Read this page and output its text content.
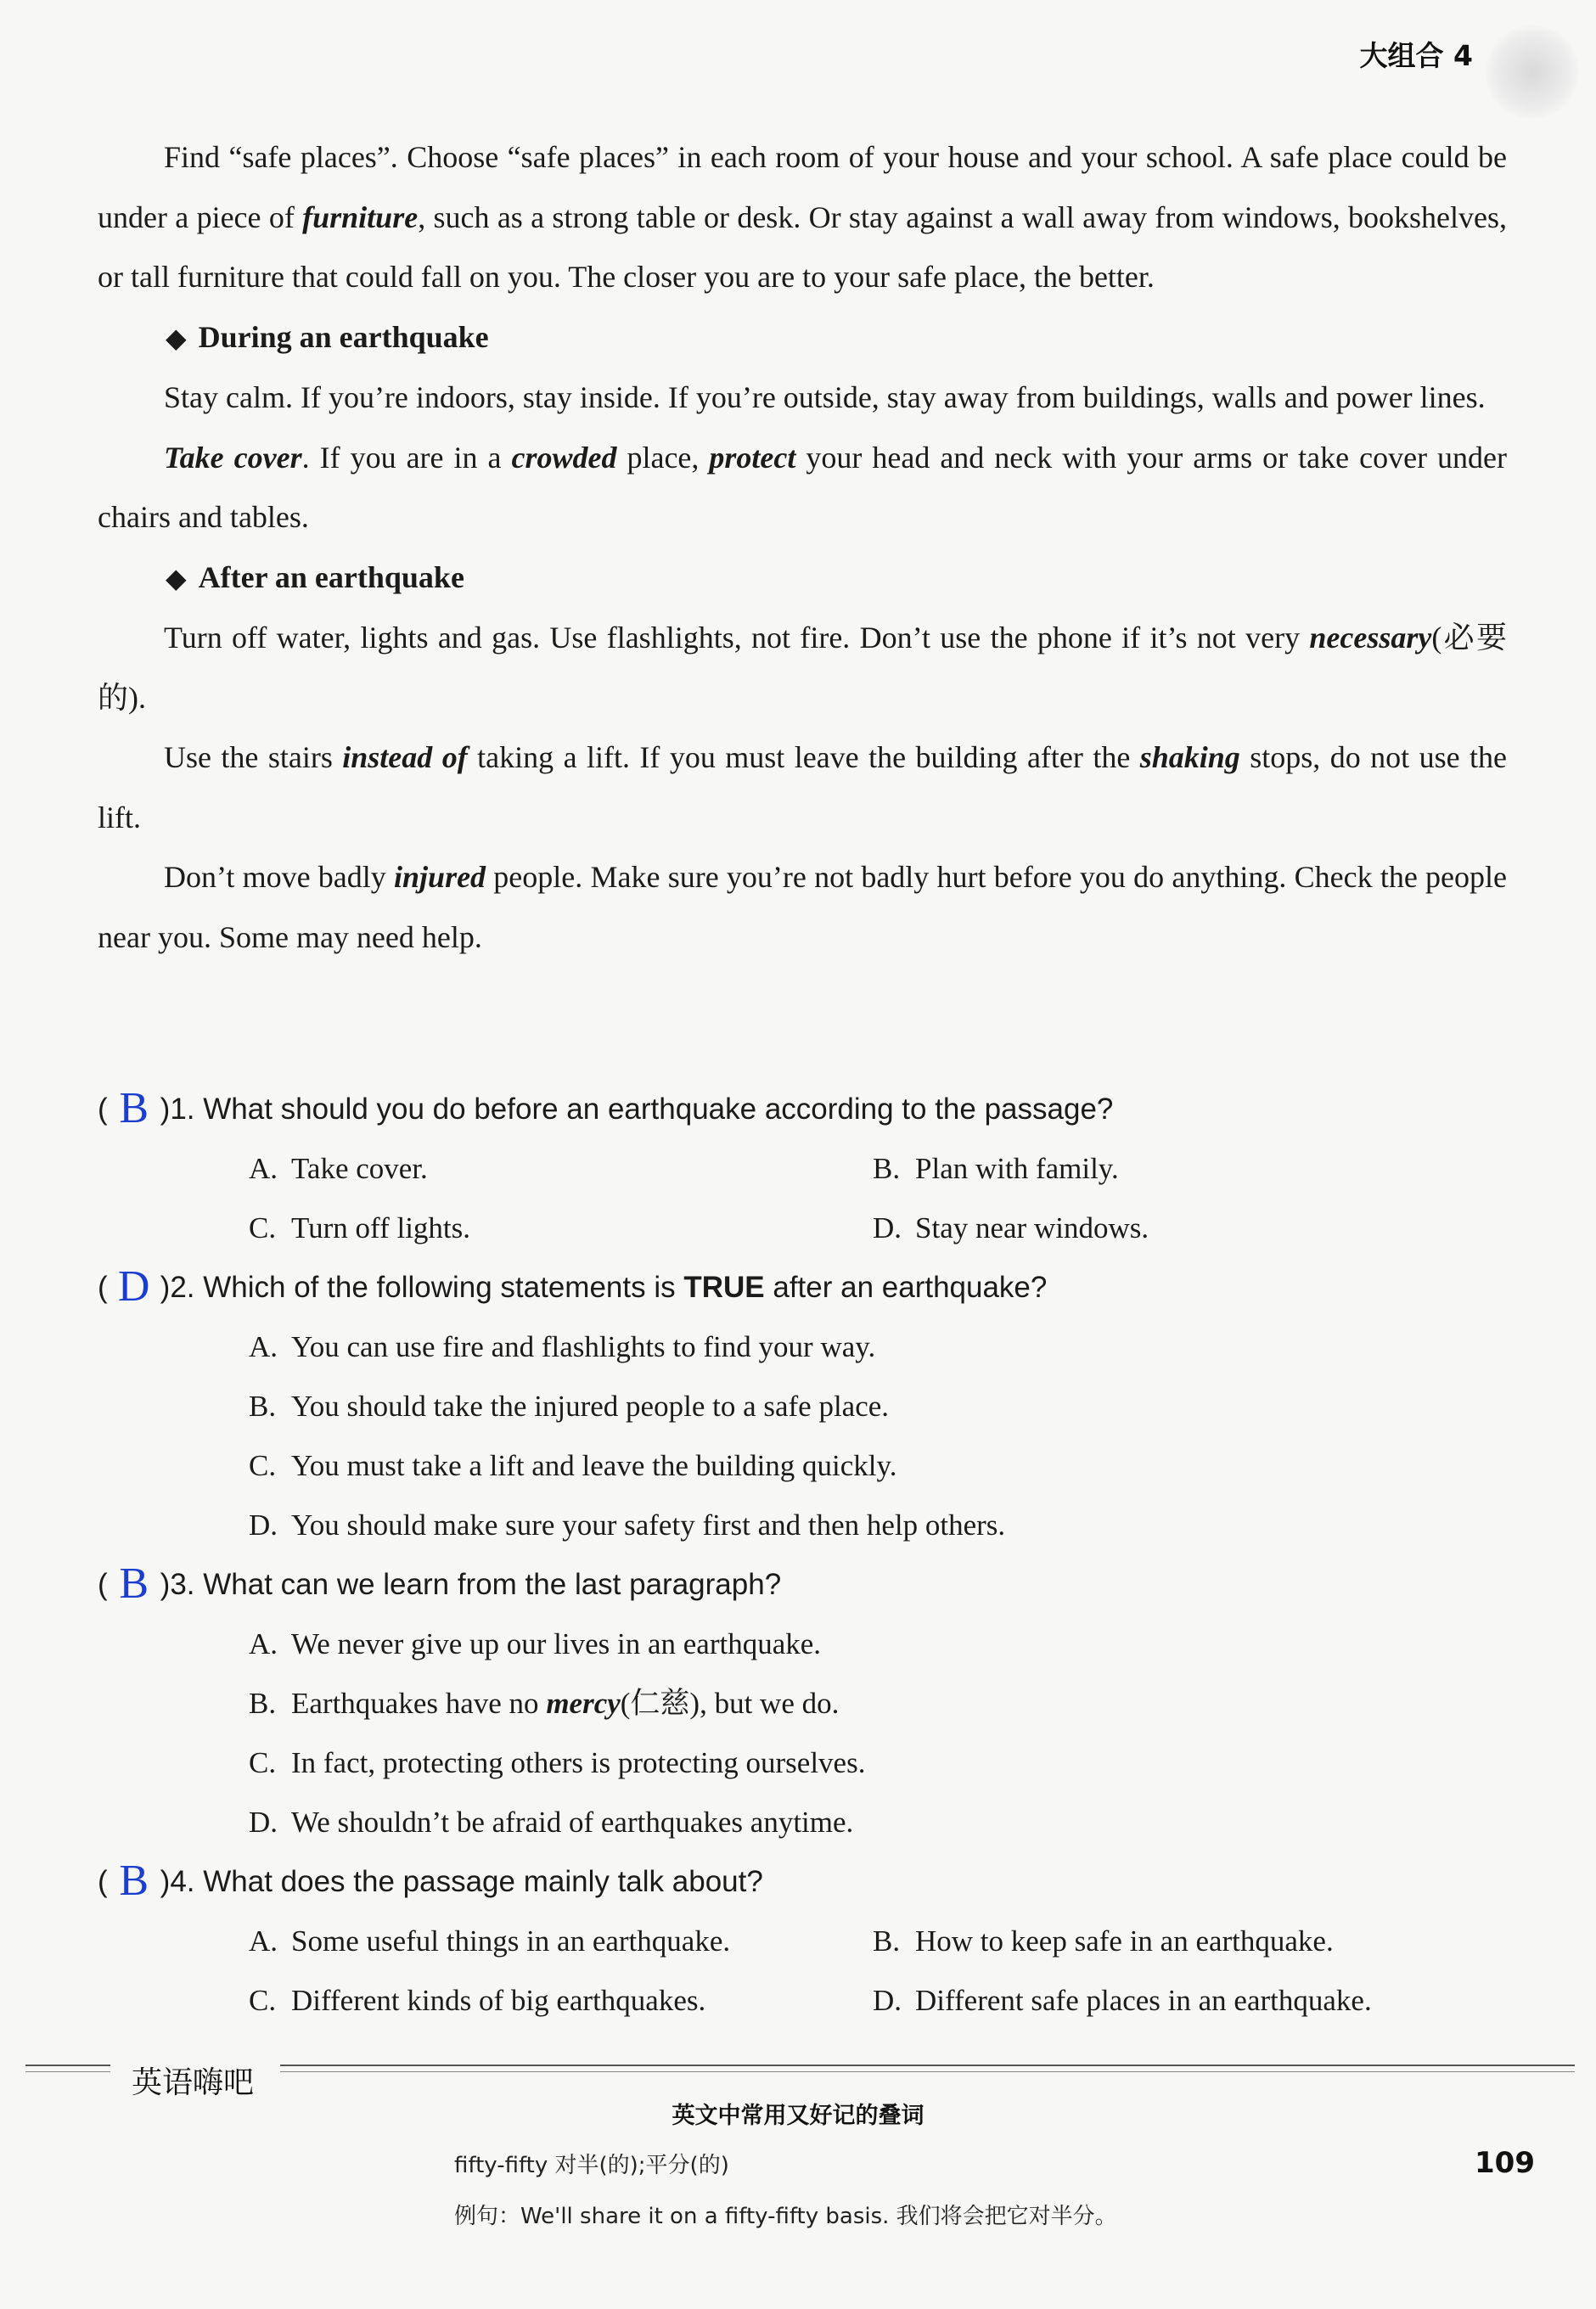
大组合 4

Find “safe places”. Choose “safe places” in each room of your house and your school. A safe place could be under a piece of furniture, such as a strong table or desk. Or stay against a wall away from windows, bookshelves, or tall furniture that could fall on you. The closer you are to your safe place, the better.

◆ During an earthquake

Stay calm. If you’re indoors, stay inside. If you’re outside, stay away from buildings, walls and power lines.

Take cover. If you are in a crowded place, protect your head and neck with your arms or take cover under chairs and tables.

◆ After an earthquake

Turn off water, lights and gas. Use flashlights, not fire. Don’t use the phone if it’s not very necessary(必要的).

Use the stairs instead of taking a lift. If you must leave the building after the shaking stops, do not use the lift.

Don’t move badly injured people. Make sure you’re not badly hurt before you do anything. Check the people near you. Some may need help.

( B )1. What should you do before an earthquake according to the passage?
A. Take cover.	B. Plan with family.
C. Turn off lights.	D. Stay near windows.
( D )2. Which of the following statements is TRUE after an earthquake?
A. You can use fire and flashlights to find your way.
B. You should take the injured people to a safe place.
C. You must take a lift and leave the building quickly.
D. You should make sure your safety first and then help others.
( B )3. What can we learn from the last paragraph?
A. We never give up our lives in an earthquake.
B. Earthquakes have no mercy(仁慈), but we do.
C. In fact, protecting others is protecting ourselves.
D. We shouldn’t be afraid of earthquakes anytime.
( B )4. What does the passage mainly talk about?
A. Some useful things in an earthquake.	B. How to keep safe in an earthquake.
C. Different kinds of big earthquakes.	D. Different safe places in an earthquake.
英语嗨吧
英文中常用又好记的叠词
fifty-fifty 对半(的);平分(的)
例句：We'll share it on a fifty-fifty basis. 我们将会把它对半分。
109
